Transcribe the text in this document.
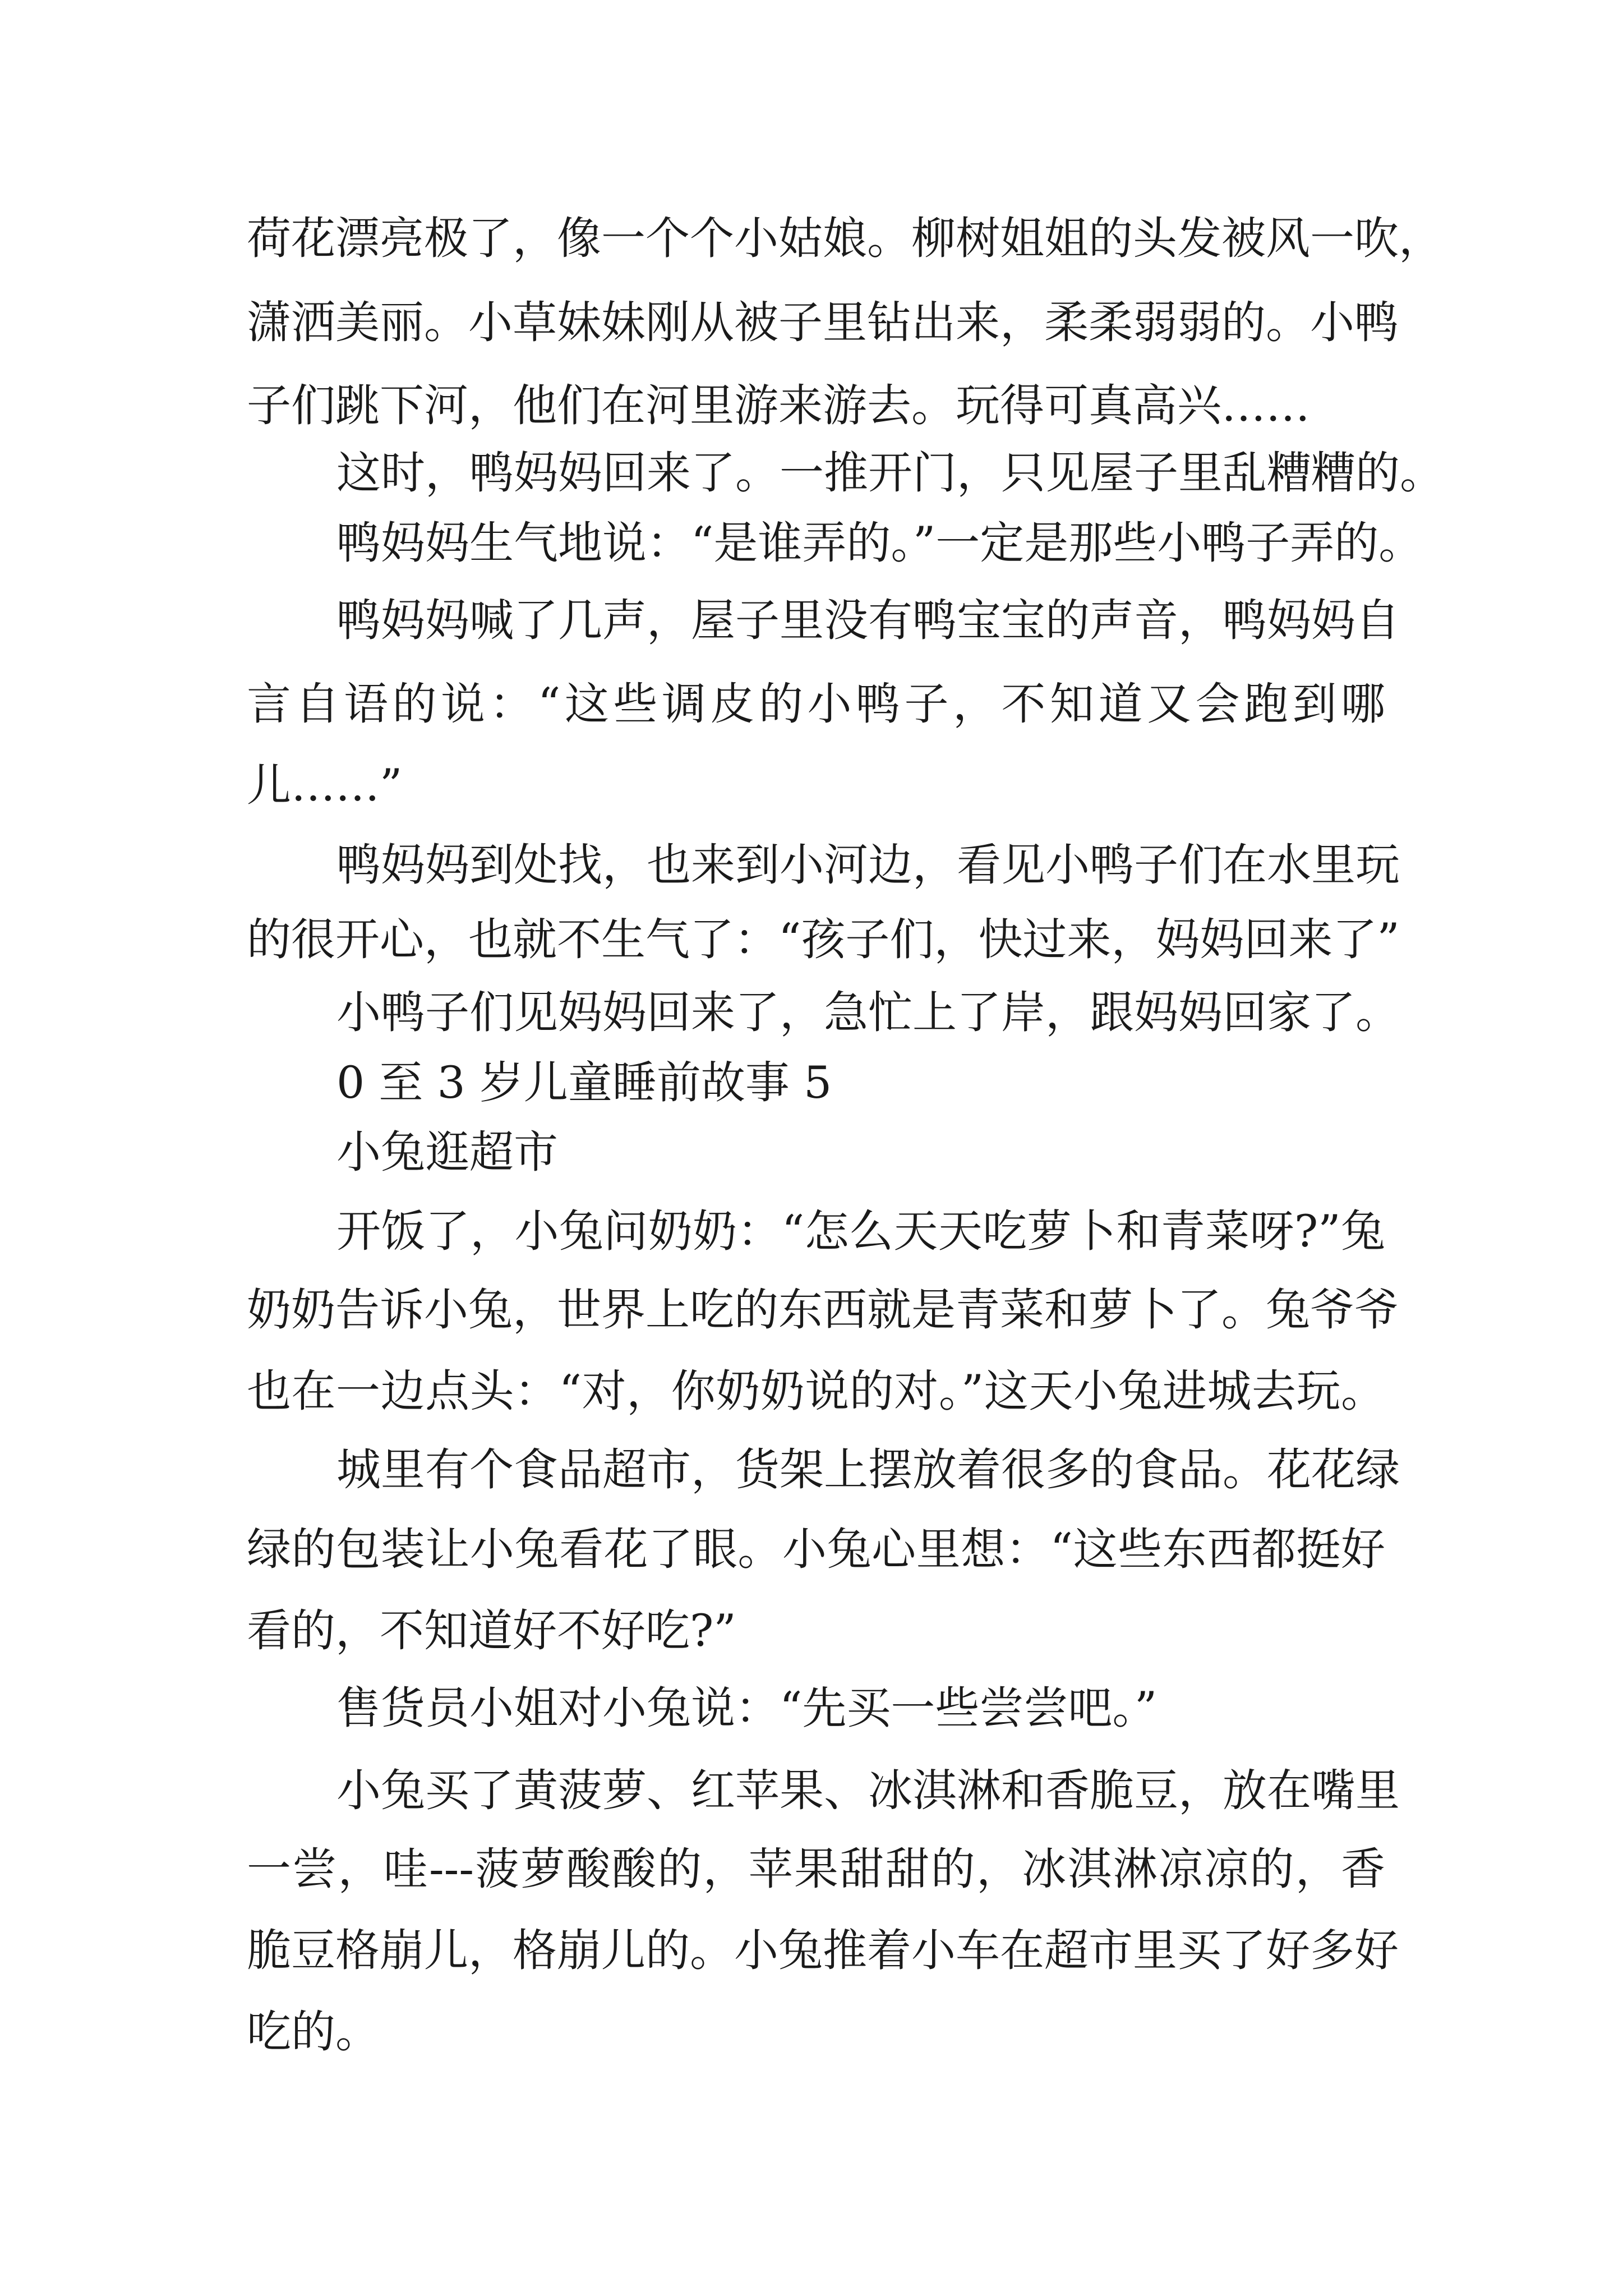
荷花漂亮极了，像一个个小姑娘。柳树姐姐的头发被风一吹，
潇洒美丽。小草妹妹刚从被子里钻出来，柔柔弱弱的。小鸭
子们跳下河，他们在河里游来游去。玩得可真高兴……
这时，鸭妈妈回来了。一推开门，只见屋子里乱糟糟的。
鸭妈妈生气地说：“是谁弄的。”一定是那些小鸭子弄的。
鸭妈妈喊了几声，屋子里没有鸭宝宝的声音，鸭妈妈自
言自语的说：“这些调皮的小鸭子，不知道又会跑到哪
儿……”
鸭妈妈到处找，也来到小河边，看见小鸭子们在水里玩
的很开心，也就不生气了：“孩子们，快过来，妈妈回来了”
小鸭子们见妈妈回来了，急忙上了岸，跟妈妈回家了。
0 至 3 岁儿童睡前故事 5
小兔逛超市
开饭了，小兔问奶奶：“怎么天天吃萝卜和青菜呀?”兔
奶奶告诉小兔，世界上吃的东西就是青菜和萝卜了。兔爷爷
也在一边点头：“对，你奶奶说的对。”这天小兔进城去玩。
城里有个食品超市，货架上摆放着很多的食品。花花绿
绿的包装让小兔看花了眼。小兔心里想：“这些东西都挺好
看的，不知道好不好吃?”
售货员小姐对小兔说：“先买一些尝尝吧。”
小兔买了黄菠萝、红苹果、冰淇淋和香脆豆，放在嘴里
一尝，哇---菠萝酸酸的，苹果甜甜的，冰淇淋凉凉的，香
脆豆格崩儿，格崩儿的。小兔推着小车在超市里买了好多好
吃的。
